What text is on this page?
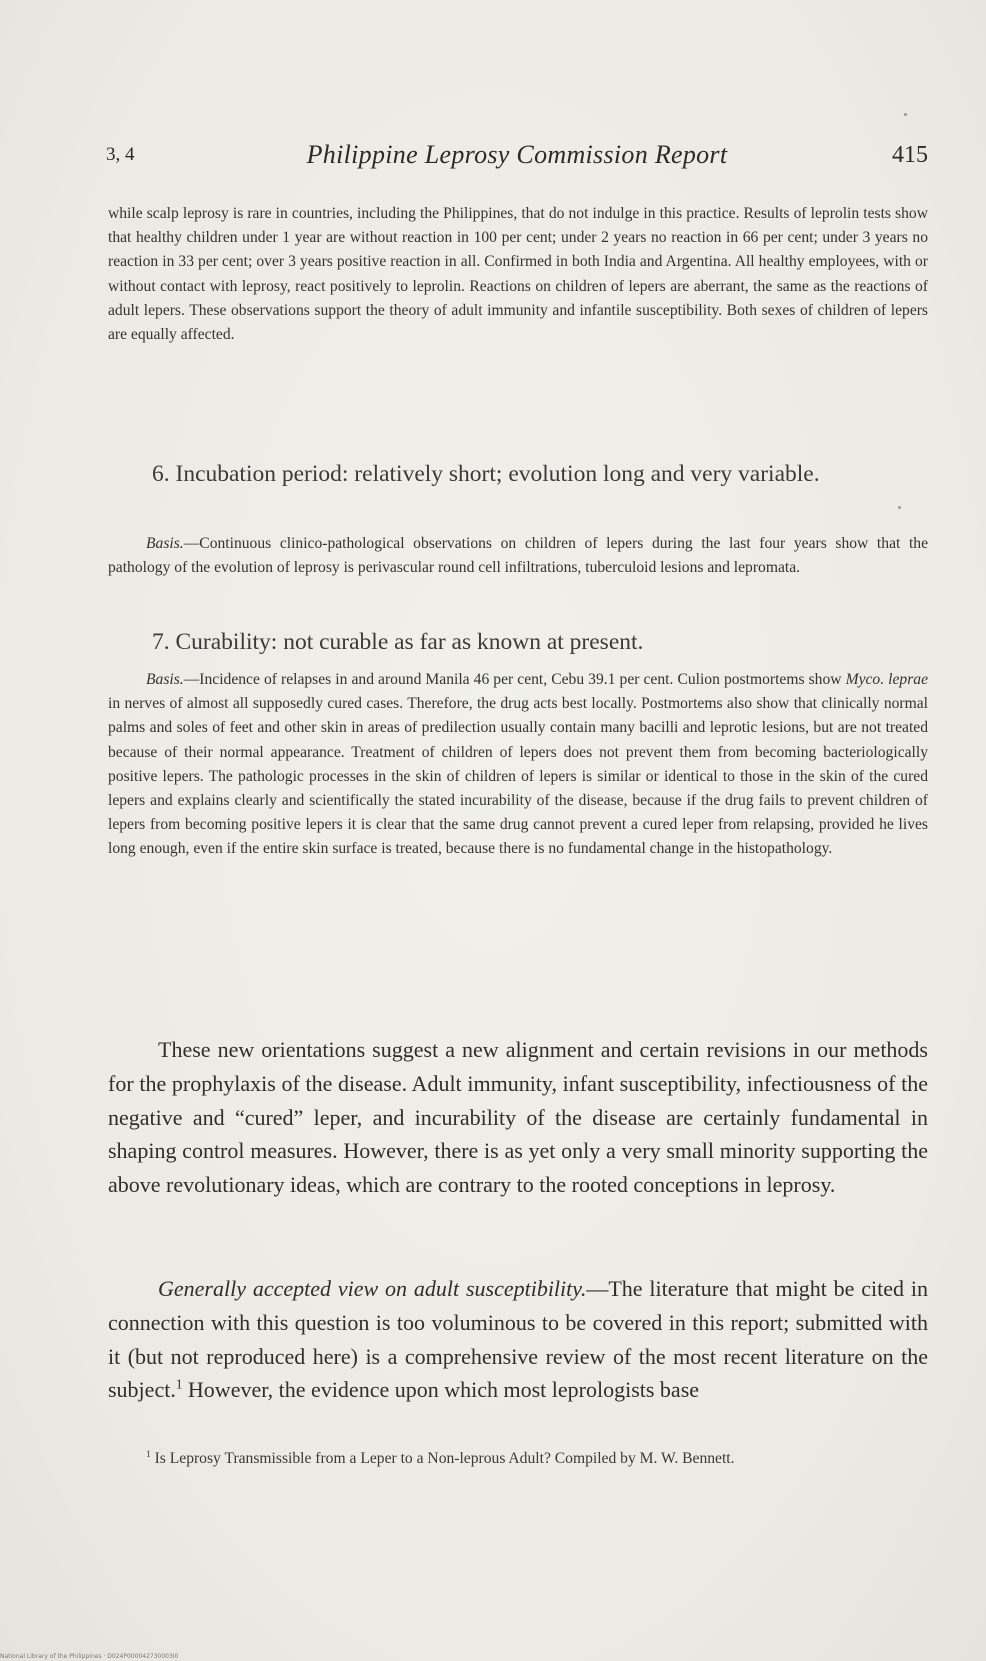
3, 4	Philippine Leprosy Commission Report	415

while scalp leprosy is rare in countries, including the Philippines, that do not indulge in this practice. Results of leprolin tests show that healthy children under 1 year are without reaction in 100 per cent; under 2 years no reaction in 66 per cent; under 3 years no reaction in 33 per cent; over 3 years positive reaction in all. Confirmed in both India and Argentina. All healthy employees, with or without contact with leprosy, react positively to leprolin. Reactions on children of lepers are aberrant, the same as the reactions of adult lepers. These observations support the theory of adult immunity and infantile susceptibility. Both sexes of children of lepers are equally affected.

6. Incubation period: relatively short; evolution long and very variable.

Basis.—Continuous clinico-pathological observations on children of lepers during the last four years show that the pathology of the evolution of leprosy is perivascular round cell infiltrations, tuberculoid lesions and lepromata.

7. Curability: not curable as far as known at present.

Basis.—Incidence of relapses in and around Manila 46 per cent, Cebu 39.1 per cent. Culion postmortems show Myco. leprae in nerves of almost all supposedly cured cases. Therefore, the drug acts best locally. Postmortems also show that clinically normal palms and soles of feet and other skin in areas of predilection usually contain many bacilli and leprotic lesions, but are not treated because of their normal appearance. Treatment of children of lepers does not prevent them from becoming bacteriologically positive lepers. The pathologic processes in the skin of children of lepers is similar or identical to those in the skin of the cured lepers and explains clearly and scientifically the stated incurability of the disease, because if the drug fails to prevent children of lepers from becoming positive lepers it is clear that the same drug cannot prevent a cured leper from relapsing, provided he lives long enough, even if the entire skin surface is treated, because there is no fundamental change in the histopathology.

These new orientations suggest a new alignment and certain revisions in our methods for the prophylaxis of the disease. Adult immunity, infant susceptibility, infectiousness of the negative and “cured” leper, and incurability of the disease are certainly fundamental in shaping control measures. However, there is as yet only a very small minority supporting the above revolutionary ideas, which are contrary to the rooted conceptions in leprosy.

Generally accepted view on adult susceptibility.—The literature that might be cited in connection with this question is too voluminous to be covered in this report; submitted with it (but not reproduced here) is a comprehensive review of the most recent literature on the subject.$^1$ However, the evidence upon which most leprologists base

$^1$ Is Leprosy Transmissible from a Leper to a Non-leprous Adult? Compiled by M. W. Bennett.
National Library of the Philippines · D024P000042730003I0
